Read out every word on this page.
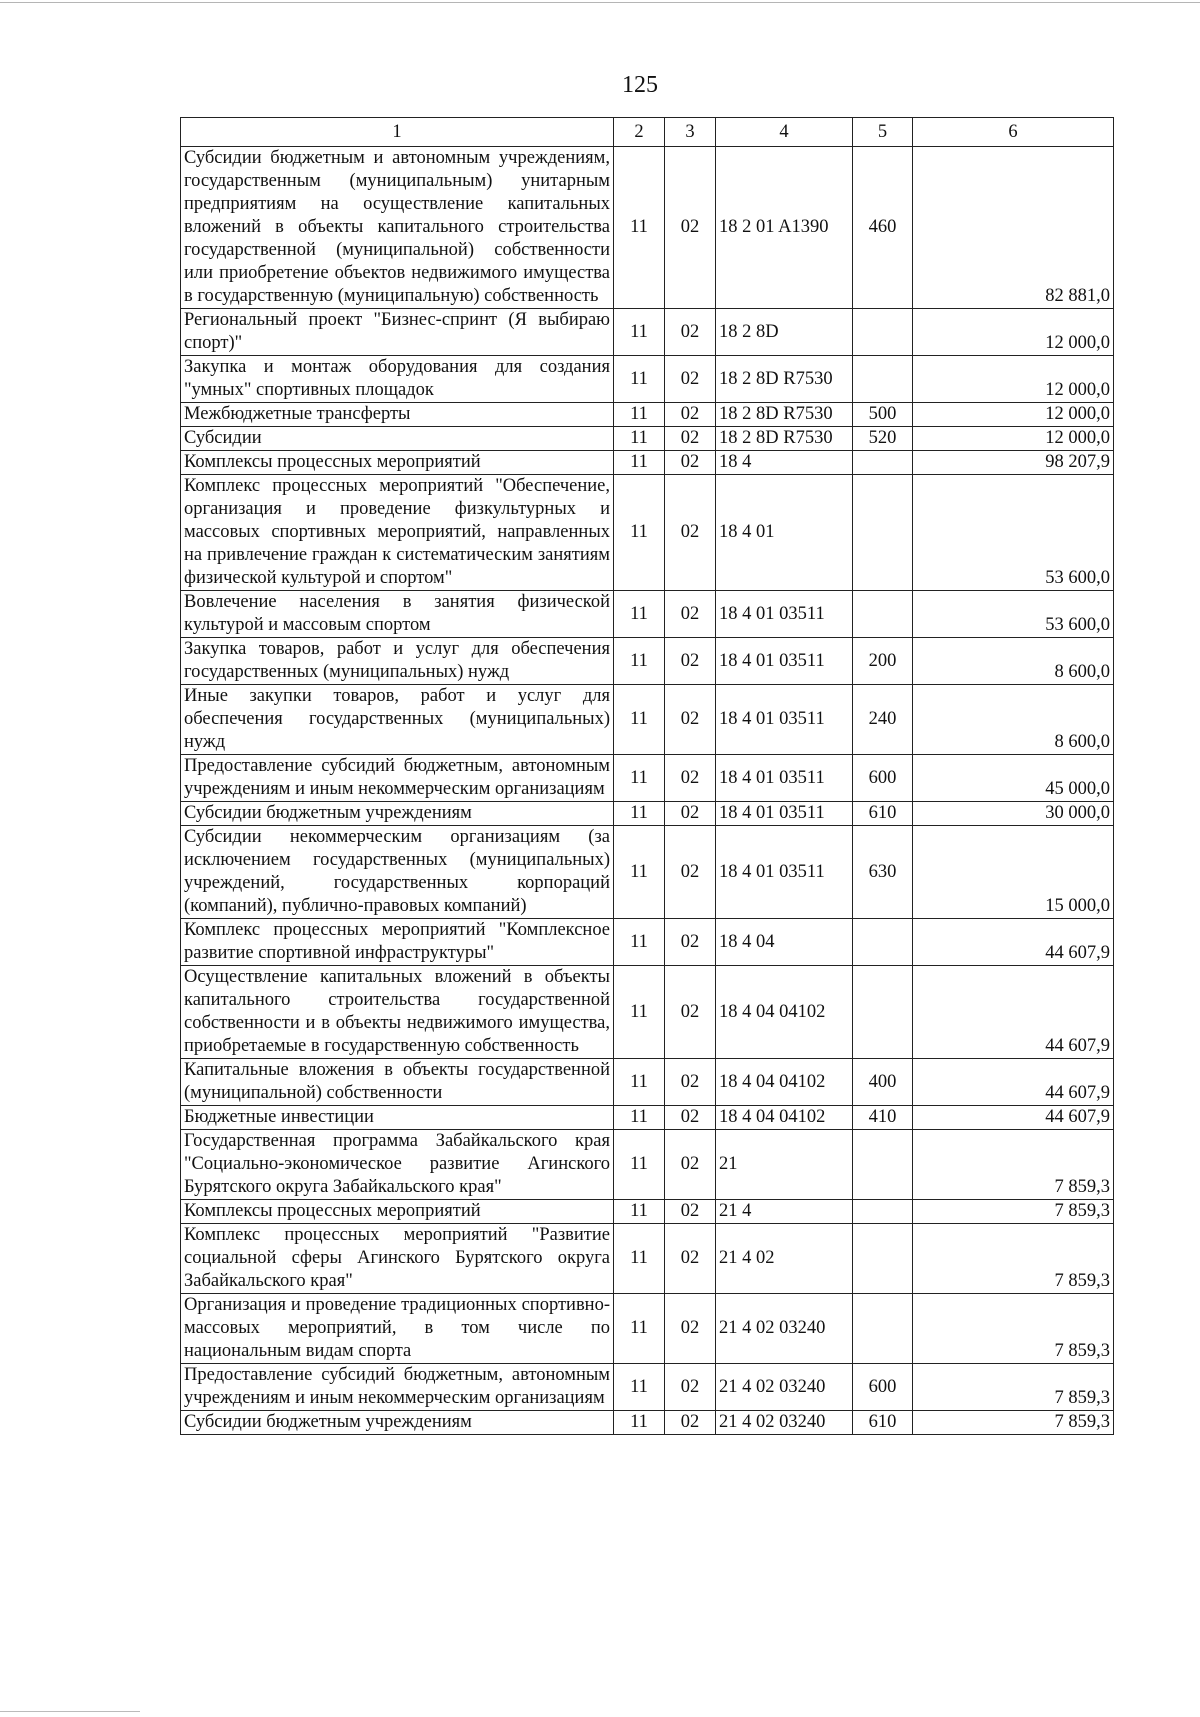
125
1	2	3	4	5	6
Субсидии бюджетным и автономным учреждениям, государственным (муниципальным) унитарным предприятиям на осуществление капитальных вложений в объекты капитального строительства государственной (муниципальной) собственности или приобретение объектов недвижимого имущества в государственную (муниципальную) собственность	11	02	18 2 01 A1390	460	82 881,0
Региональный проект "Бизнес-спринт (Я выбираю спорт)"	11	02	18 2 8D		12 000,0
Закупка и монтаж оборудования для создания "умных" спортивных площадок	11	02	18 2 8D R7530		12 000,0
Межбюджетные трансферты	11	02	18 2 8D R7530	500	12 000,0
Субсидии	11	02	18 2 8D R7530	520	12 000,0
Комплексы процессных мероприятий	11	02	18 4		98 207,9
Комплекс процессных мероприятий "Обеспечение, организация и проведение физкультурных и массовых спортивных мероприятий, направленных на привлечение граждан к систематическим занятиям физической культурой и спортом"	11	02	18 4 01		53 600,0
Вовлечение населения в занятия физической культурой и массовым спортом	11	02	18 4 01 03511		53 600,0
Закупка товаров, работ и услуг для обеспечения государственных (муниципальных) нужд	11	02	18 4 01 03511	200	8 600,0
Иные закупки товаров, работ и услуг для обеспечения государственных (муниципальных) нужд	11	02	18 4 01 03511	240	8 600,0
Предоставление субсидий бюджетным, автономным учреждениям и иным некоммерческим организациям	11	02	18 4 01 03511	600	45 000,0
Субсидии бюджетным учреждениям	11	02	18 4 01 03511	610	30 000,0
Субсидии некоммерческим организациям (за исключением государственных (муниципальных) учреждений, государственных корпораций (компаний), публично-правовых компаний)	11	02	18 4 01 03511	630	15 000,0
Комплекс процессных мероприятий "Комплексное развитие спортивной инфраструктуры"	11	02	18 4 04		44 607,9
Осуществление капитальных вложений в объекты капитального строительства государственной собственности и в объекты недвижимого имущества, приобретаемые в государственную собственность	11	02	18 4 04 04102		44 607,9
Капитальные вложения в объекты государственной (муниципальной) собственности	11	02	18 4 04 04102	400	44 607,9
Бюджетные инвестиции	11	02	18 4 04 04102	410	44 607,9
Государственная программа Забайкальского края "Социально-экономическое развитие Агинского Бурятского округа Забайкальского края"	11	02	21		7 859,3
Комплексы процессных мероприятий	11	02	21 4		7 859,3
Комплекс процессных мероприятий "Развитие социальной сферы Агинского Бурятского округа Забайкальского края"	11	02	21 4 02		7 859,3
Организация и проведение традиционных спортивно-массовых мероприятий, в том числе по национальным видам спорта	11	02	21 4 02 03240		7 859,3
Предоставление субсидий бюджетным, автономным учреждениям и иным некоммерческим организациям	11	02	21 4 02 03240	600	7 859,3
Субсидии бюджетным учреждениям	11	02	21 4 02 03240	610	7 859,3
